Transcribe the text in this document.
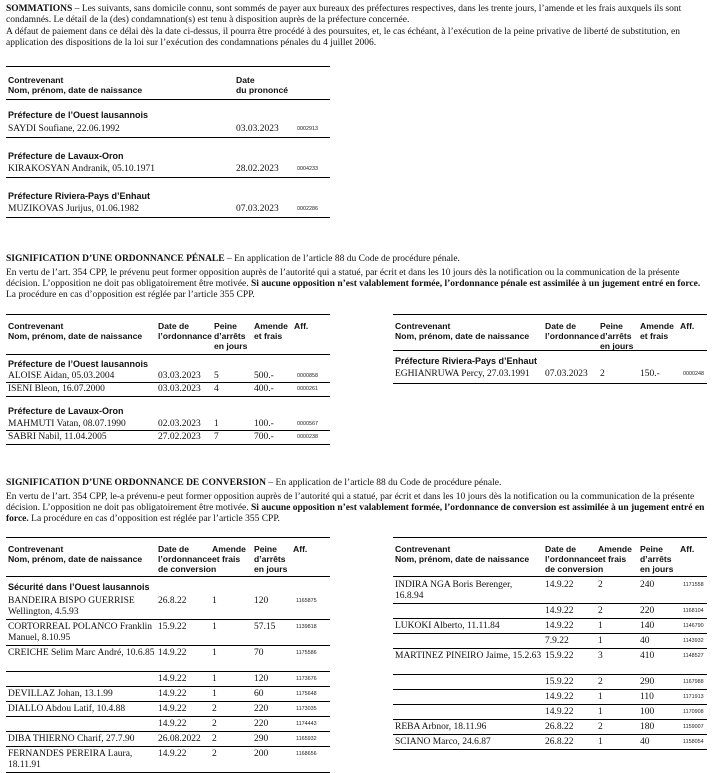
SOMMATIONS – Les suivants, sans domicile connu, sont sommés de payer aux bureaux des préfectures respectives, dans les trente jours, l’amende et les frais auxquels ils sont condamnés. Le détail de la (des) condamnation(s) est tenu à disposition auprès de la préfecture concernée.

A défaut de paiement dans ce délai dès la date ci-dessus, il pourra être procédé à des poursuites, et, le cas échéant, à l’exécution de la peine privative de liberté de substitution, en application des dispositions de la loi sur l’exécution des condamnations pénales du 4 juillet 2006.

Contrevenant
Nom, prénom, date de naissance
Date
du prononcé
Préfecture de l’Ouest lausannois
SAYDI Soufiane, 22.06.1992	03.03.2023	0002913
Préfecture de Lavaux-Oron
KIRAKOSYAN Andranik, 05.10.1971	28.02.2023	0004233
Préfecture Riviera-Pays d’Enhaut
MUZIKOVAS Jurijus, 01.06.1982	07.03.2023	0002286

SIGNIFICATION D’UNE ORDONNANCE PÉNALE – En application de l’article 88 du Code de procédure pénale.

En vertu de l’art. 354 CPP, le prévenu peut former opposition auprès de l’autorité qui a statué, par écrit et dans les 10 jours dès la notification ou la communication de la présente décision. L’opposition ne doit pas obligatoirement être motivée. Si aucune opposition n’est valablement formée, l’ordonnance pénale est assimilée à un jugement entré en force. La procédure en cas d’opposition est réglée par l’article 355 CPP.

Contrevenant
Nom, prénom, date de naissance
Date de
l’ordonnance
Peine
d’arrêts
en jours
Amende
et frais
Aff.
Préfecture de l’Ouest lausannois
ALOISE Aidan, 05.03.2004	03.03.2023 5	500.-	0000858
ISENI Bleon, 16.07.2000	03.03.2023 4	400.-	0000261
Préfecture de Lavaux-Oron
MAHMUTI Vatan, 08.07.1990	02.03.2023 1	100.-	0000567
SABRI Nabil, 11.04.2005	27.02.2023 7	700.-	0000238
Contrevenant
Nom, prénom, date de naissance
Date de
l’ordonnance
Peine
d’arrêts
en jours
Amende
et frais
Aff.
Préfecture Riviera-Pays d’Enhaut
EGHIANRUWA Percy, 27.03.1991 07.03.2023 2	150.-	0000248

SIGNIFICATION D’UNE ORDONNANCE DE CONVERSION – En application de l’article 88 du Code de procédure pénale.

En vertu de l’art. 354 CPP, le-a prévenu-e peut former opposition auprès de l’autorité qui a statué, par écrit et dans les 10 jours dès la notification ou la communication de la présente décision. L’opposition ne doit pas obligatoirement être motivée. Si aucune opposition n’est valablement formée, l’ordonnance de conversion est assimilée à un jugement entré en force. La procédure en cas d’opposition est réglée par l’article 355 CPP.

Contrevenant
Nom, prénom, date de naissance
Date de
l’ordonnance
de conversion
Amende
et frais
Peine
d’arrêts
en jours
Aff.
Sécurité dans l’Ouest lausannois
BANDEIRA BISPO GUERRISE Wellington, 4.5.93
26.8.22	1	120	1165875
CORTORREAL POLANCO Franklin Manuel, 8.10.95
15.9.22	1	57.15	1139818
CREICHE Selim Marc André, 10.6.85 14.9.22	1	70	1175586
14.9.22	1	120	1173676
DEVILLAZ Johan, 13.1.99	14.9.22	1	60	1175648
DIALLO Abdou Latif, 10.4.88	14.9.22	2	220	1173035
14.9.22	2	220	1174443
DIBA THIERNO Charif, 27.7.90	26.08.2022 2	290	1165932
FERNANDES PEREIRA Laura, 18.11.91
14.9.22	2	200	1168656
Contrevenant
Nom, prénom, date de naissance
Date de
l’ordonnance
de conversion
Amende
et frais
Peine
d’arrêts
en jours
Aff.
INDIRA NGA Boris Berenger, 16.8.94
14.9.22	2	240	1171558
14.9.22	2	220	1168104
LUKOKI Alberto, 11.11.84	14.9.22	1	140	1146790
7.9.22	1	40	1143932
MARTINEZ PINEIRO Jaime, 15.2.63 15.9.22	3	410	1148527
15.9.22	2	290	1167988
14.9.22	1	110	1171913
14.9.22	1	100	1170908
REBA Arbnor, 18.11.96	26.8.22	2	180	1159007
SCIANO Marco, 24.6.87	26.8.22	1	40	1158054
